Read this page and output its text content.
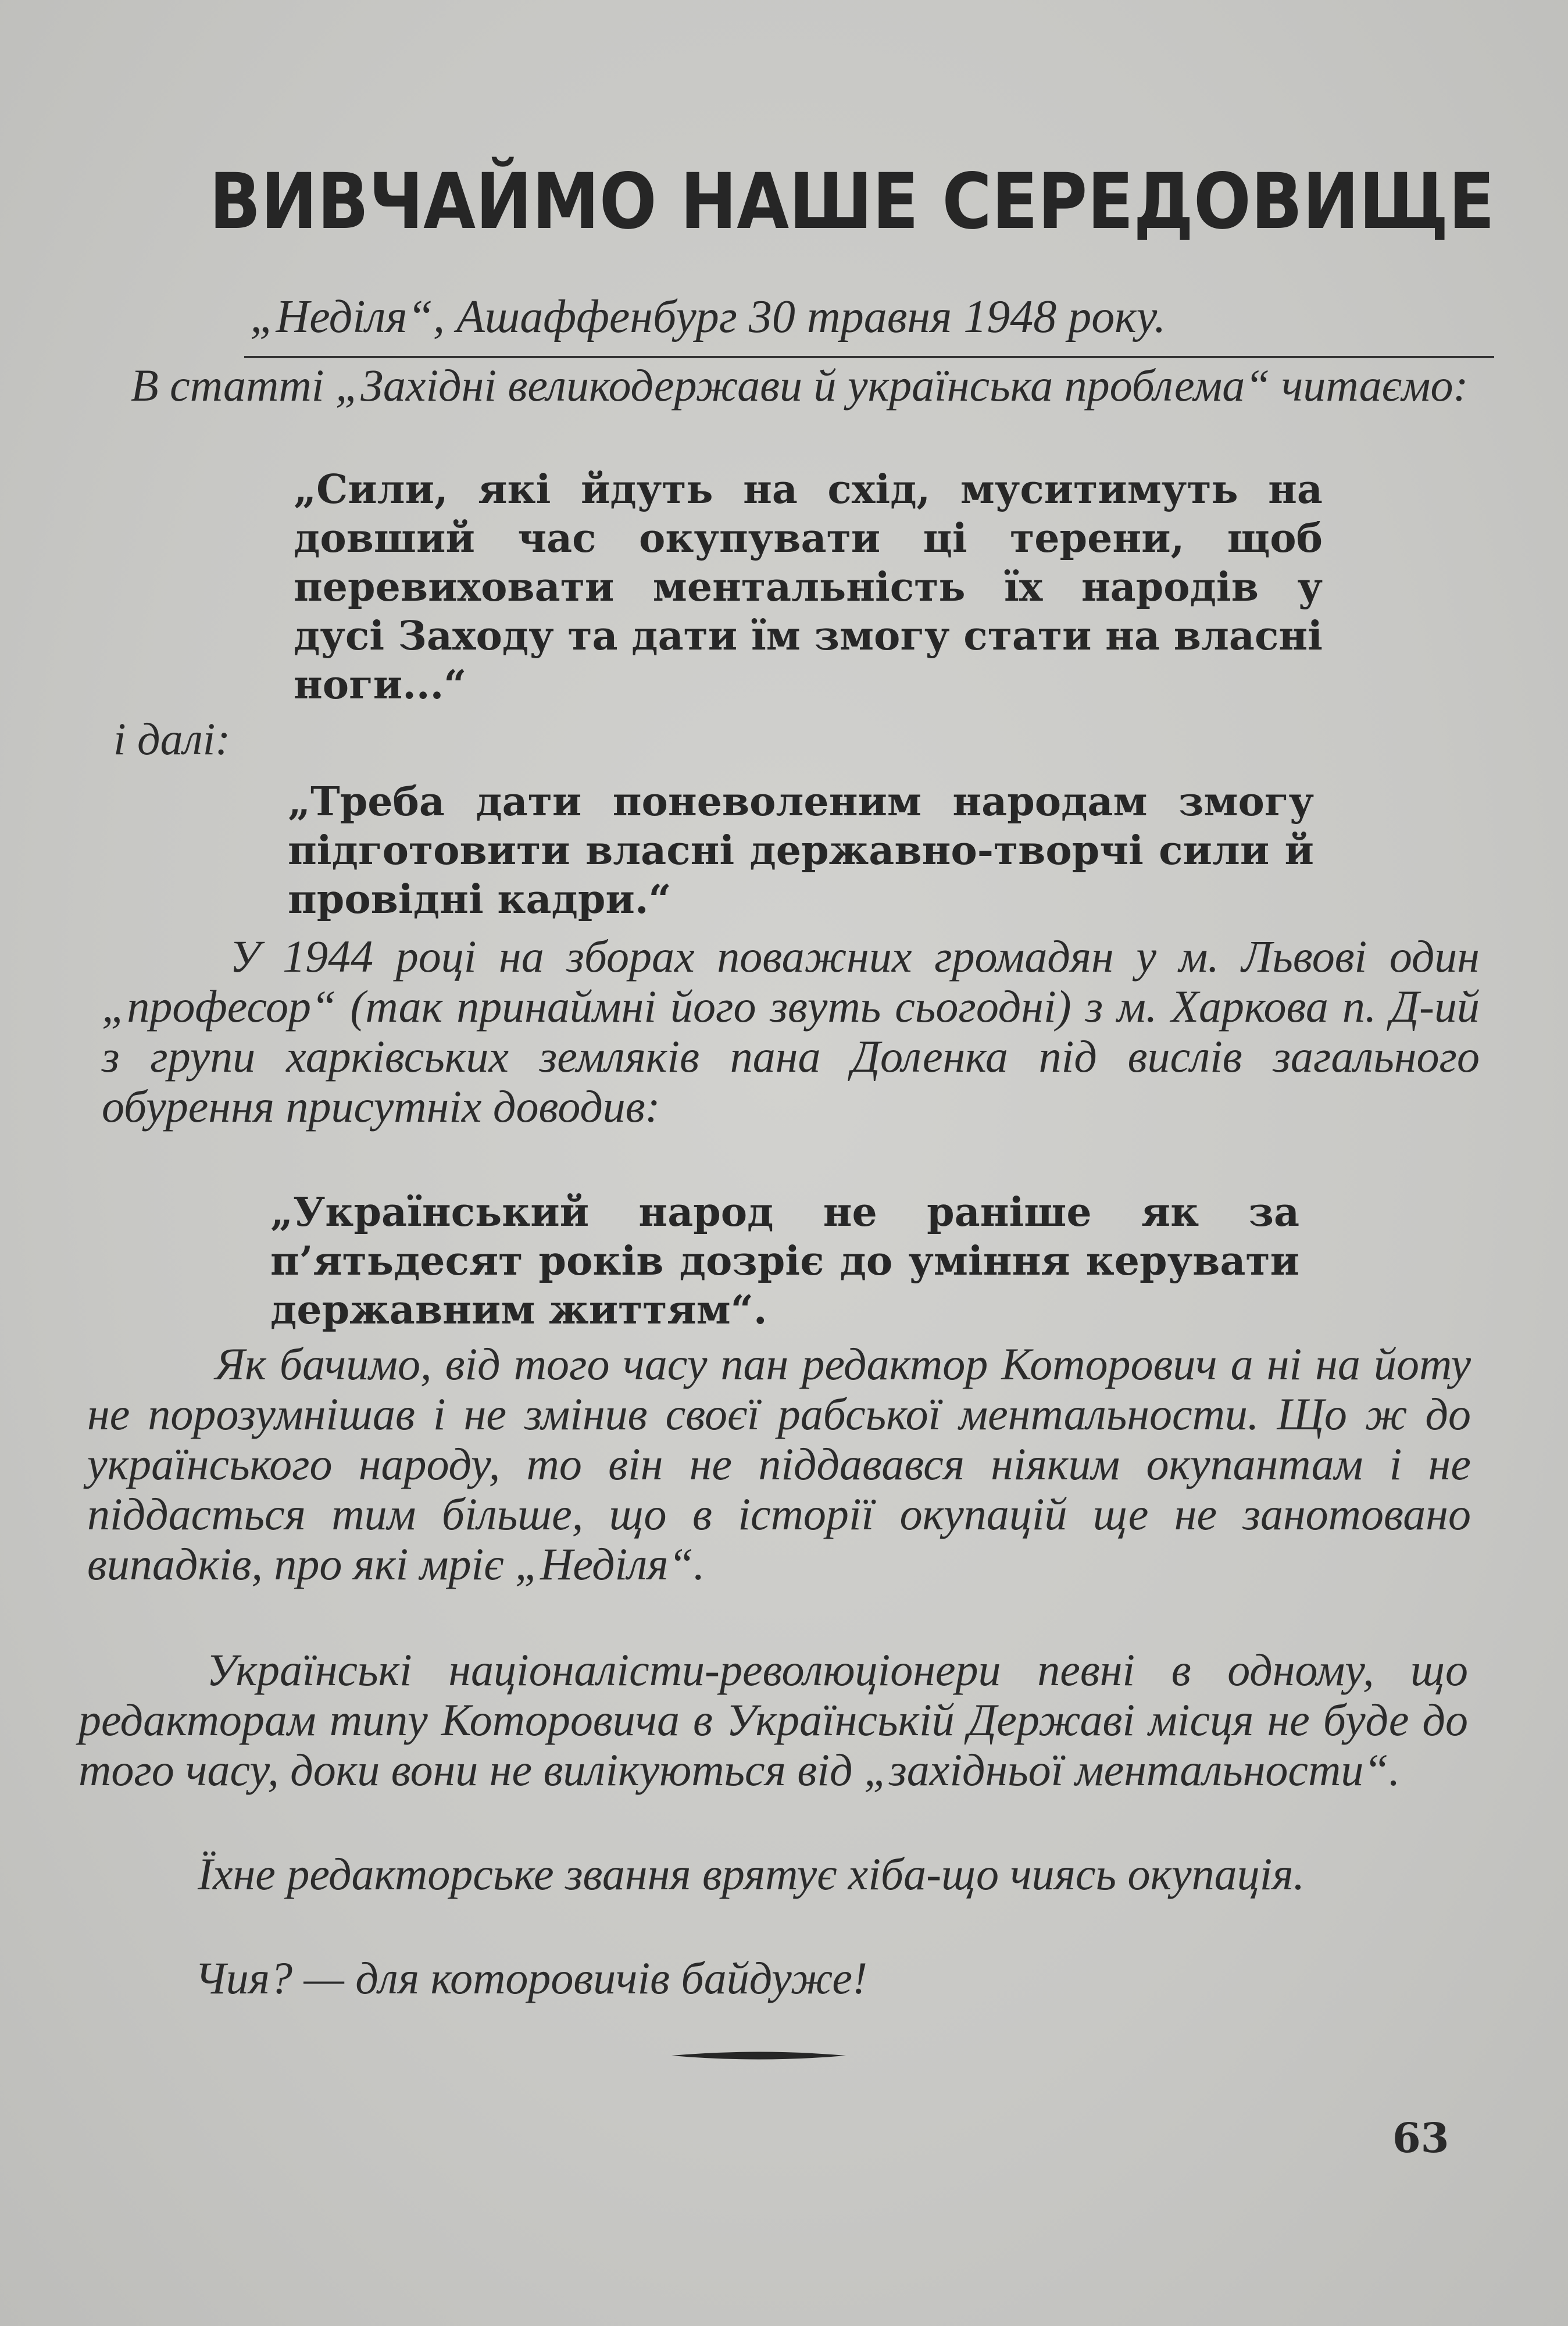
ВИВЧАЙМО НАШЕ СЕРЕДОВИЩЕ
„Неділя“, Ашаффенбург 30 травня 1948 року.
В статті „Західні великодержави й українська проблема“ читаємо:
„Сили, які йдуть на схід, муситимуть на довший час окупувати ці терени, щоб перевиховати ментальність їх народів у дусі Заходу та дати їм змогу стати на власні ноги...“
і далі:
„Треба дати поневоленим народам змогу підготовити власні державно-творчі сили й провідні кадри.“
У 1944 році на зборах поважних громадян у м. Львові один „професор“ (так принаймні його звуть сьогодні) з м. Харкова п. Д-ий з групи харківських земляків пана Доленка під вислів загального обурення присутніх доводив:
„Український народ не раніше як за п’ятьдесят років дозріє до уміння керувати державним життям“.
Як бачимо, від того часу пан редактор Которович а ні на йоту не порозумнішав і не змінив своєї рабської ментальности. Що ж до українського народу, то він не піддавався ніяким окупантам і не піддасться тим більше, що в історії окупацій ще не занотовано випадків, про які мріє „Неділя“.
Українські націоналісти-революціонери певні в одному, що редакторам типу Которовича в Українській Державі місця не буде до того часу, доки вони не вилікуються від „західньої ментальности“.
Їхне редакторське звання врятує хіба-що чиясь окупація.
Чия? — для которовичів байдуже!
63
